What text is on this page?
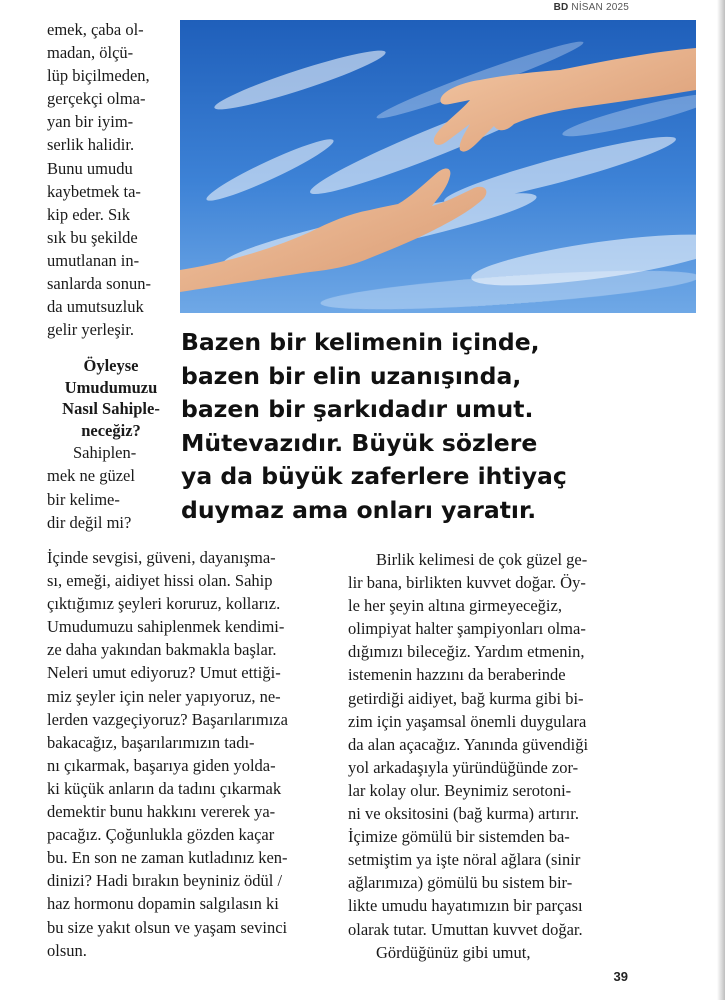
BD NİSAN 2025

emek, çaba ol-
madan, ölçü-
lüp biçilmeden,
gerçekçi olma-
yan bir iyim-
serlik halidir.
Bunu umudu
kaybetmek ta-
kip eder. Sık
sık bu şekilde
umutlanan in-
sanlarda sonun-
da umutsuzluk
gelir yerleşir.

Öyleyse
Umudumuzu
Nasıl Sahiple-
neceğiz?

Sahiplen-
mek ne güzel
bir kelime-
dir değil mi?

Bazen bir kelimenin içinde,
bazen bir elin uzanışında,
bazen bir şarkıdadır umut.
Mütevazıdır. Büyük sözlere
ya da büyük zaferlere ihtiyaç
duymaz ama onları yaratır.
İçinde sevgisi, güveni, dayanışma-
sı, emeği, aidiyet hissi olan. Sahip
çıktığımız şeyleri koruruz, kollarız.
Umudumuzu sahiplenmek kendimi-
ze daha yakından bakmakla başlar.
Neleri umut ediyoruz? Umut ettiği-
miz şeyler için neler yapıyoruz, ne-
lerden vazgeçiyoruz? Başarılarımıza
bakacağız, başarılarımızın tadı-
nı çıkarmak, başarıya giden yolda-
ki küçük anların da tadını çıkarmak
demektir bunu hakkını vererek ya-
pacağız. Çoğunlukla gözden kaçar
bu. En son ne zaman kutladınız ken-
dinizi? Hadi bırakın beyniniz ödül /
haz hormonu dopamin salgılasın ki
bu size yakıt olsun ve yaşam sevinci
olsun.
Birlik kelimesi de çok güzel ge-
lir bana, birlikten kuvvet doğar. Öy-
le her şeyin altına girmeyeceğiz,
olimpiyat halter şampiyonları olma-
dığımızı bileceğiz. Yardım etmenin,
istemenin hazzını da beraberinde
getirdiği aidiyet, bağ kurma gibi bi-
zim için yaşamsal önemli duygulara
da alan açacağız. Yanında güvendiği
yol arkadaşıyla yüründüğünde zor-
lar kolay olur. Beynimiz serotoni-
ni ve oksitosini (bağ kurma) artırır.
İçimize gömülü bir sistemden ba-
setmiştim ya işte nöral ağlara (sinir
ağlarımıza) gömülü bu sistem bir-
likte umudu hayatımızın bir parçası
olarak tutar. Umuttan kuvvet doğar.
Gördüğünüz gibi umut,
39
